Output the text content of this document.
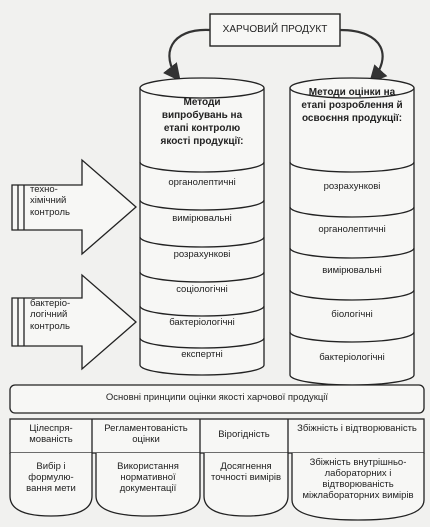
ХАРЧОВИЙ ПРОДУКТ
Методи випробувань на етапі контролю якості продукції:
Методи оцінки на етапі розроблення й освоєння продукції:
органолептичні
вимірювальні
розрахункові
соціологічні
бактеріологічні
експертні
розрахункові
органолептичні
вимірювальні
біологічні
бактеріологічні
техно-хімічний контроль
бактеріо-логічний контроль
Основні принципи оцінки якості харчової продукції
Цілеспря-мованість
Регламентованість оцінки	Вірогідність
Збіжність і відтворюваність
Вибір і формулю-вання мети
Використання нормативної документації
Досягнення точності вимірів
Збіжність внутрішньо-лабораторних і відтворюваність міжлабораторних вимірів
